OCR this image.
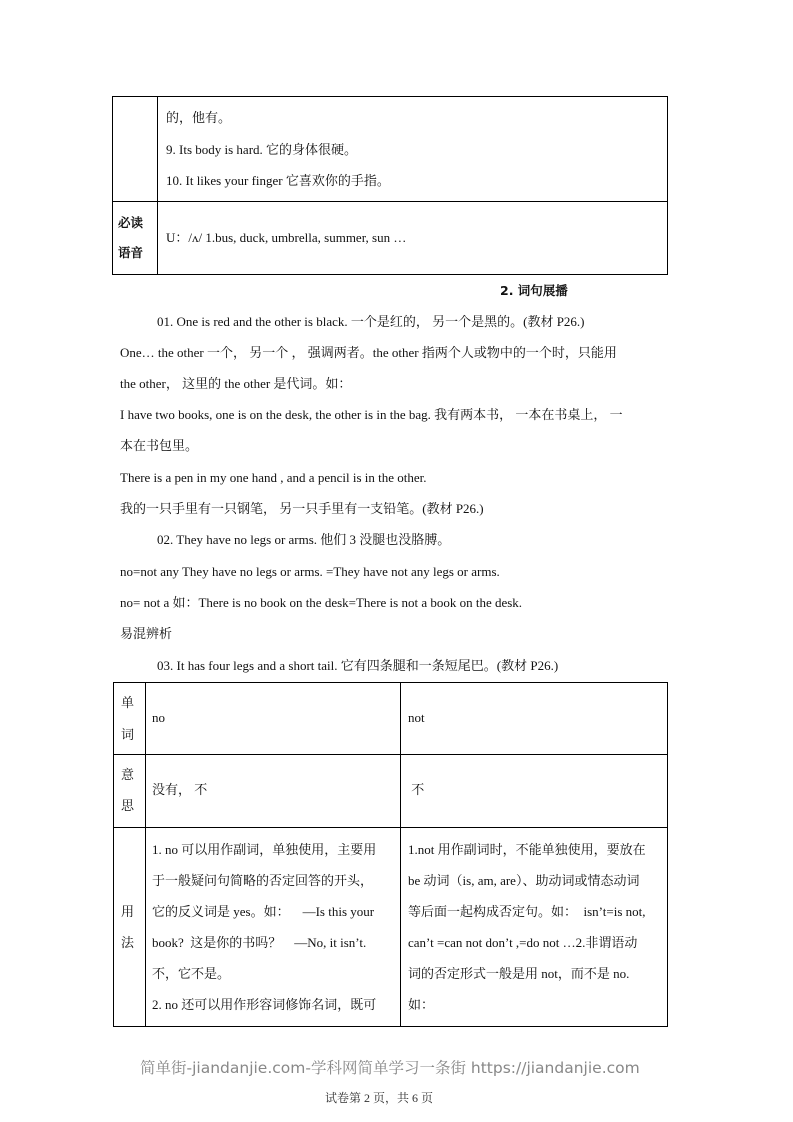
的，他有。
9. Its body is hard. 它的身体很硬。
10. It likes your finger 它喜欢你的手指。
必读
语音
U：/ʌ/ 1.bus, duck, umbrella, summer, sun …
2. 词句展播
01. One is red and the other is black. 一个是红的， 另一个是黑的。(教材 P26.)
One… the other 一个， 另一个 ， 强调两者。the other 指两个人或物中的一个时，只能用
the other， 这里的 the other 是代词。如：
I have two books, one is on the desk, the other is in the bag. 我有两本书， 一本在书桌上， 一
本在书包里。
There is a pen in my one hand , and a pencil is in the other.
我的一只手里有一只钢笔， 另一只手里有一支铅笔。(教材 P26.)
02. They have no legs or arms. 他们 3 没腿也没胳膊。
no=not any They have no legs or arms. =They have not any legs or arms.
no= not a 如：There is no book on the desk=There is not a book on the desk.
易混辨析
03. It has four legs and a short tail. 它有四条腿和一条短尾巴。(教材 P26.)
单
词
no	not
意
思
没有， 不	不
用
法
1. no 可以用作副词，单独使用，主要用
于一般疑问句简略的否定回答的开头，
它的反义词是 yes。如：    —Is this your
book?  这是你的书吗？    —No, it isn’t.
不，它不是。
2. no 还可以用作形容词修饰名词，既可
1.not 用作副词时，不能单独使用，要放在
be 动词（is, am, are）、助动词或情态动词
等后面一起构成否定句。如：  isn’t=is not,
can’t =can not don’t ,=do not …2.非谓语动
词的否定形式一般是用 not，而不是 no.
如：
简单街-jiandanjie.com-学科网简单学习一条街 https://jiandanjie.com
试卷第 2 页，共 6 页
